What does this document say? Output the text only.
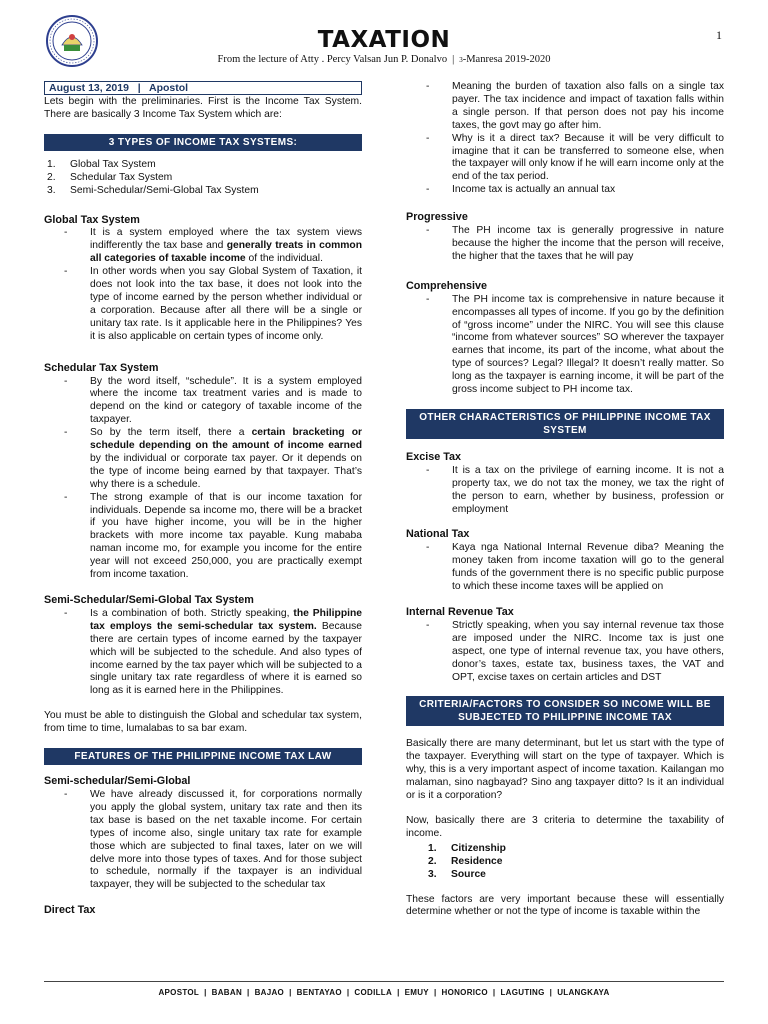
TAXATION	1
From the lecture of Atty . Percy Valsan Jun P. Donalvo | 3-Manresa 2019-2020
August 13, 2019   |   Apostol

Lets begin with the preliminaries. First is the Income Tax System. There are basically 3 Income Tax System which are:

3 TYPES OF INCOME TAX SYSTEMS:
1. Global Tax System
2. Schedular Tax System
3. Semi-Schedular/Semi-Global Tax System
Global Tax System
- It is a system employed where the tax system views indifferently the tax base and generally treats in common all categories of taxable income of the individual.
- In other words when you say Global System of Taxation, it does not look into the tax base, it does not look into the type of income earned by the person whether individual or a corporation. Because after all there will be a single or unitary tax rate. Is it applicable here in the Philippines? Yes it is also applicable on certain types of income only.
Schedular Tax System
- By the word itself, “schedule”. It is a system employed where the income tax treatment varies and is made to depend on the kind or category of taxable income of the taxpayer.
- So by the term itself, there a certain bracketing or schedule depending on the amount of income earned by the individual or corporate tax payer. Or it depends on the type of income being earned by that taxpayer. That’s why there is a schedule.
- The strong example of that is our income taxation for individuals. Depende sa income mo, there will be a bracket if you have higher income, you will be in the higher brackets with more income tax payable. Kung mababa naman income mo, for example you income for the entire year will not exceed 250,000, you are practically exempt from income taxation.
Semi-Schedular/Semi-Global Tax System
- Is a combination of both. Strictly speaking, the Philippine tax employs the semi-schedular tax system. Because there are certain types of income earned by the taxpayer which will be subjected to the schedule. And also types of income earned by the tax payer which will be subjected to a single unitary tax rate regardless of where it is earned so long as it is earned here in the Philippines.

You must be able to distinguish the Global and schedular tax system, from time to time, lumalabas to sa bar exam.

FEATURES OF THE PHILIPPINE INCOME TAX LAW
Semi-schedular/Semi-Global
- We have already discussed it, for corporations normally you apply the global system, unitary tax rate and then its tax base is based on the net taxable income. For certain types of income also, single unitary tax rate for example those which are subjected to final taxes, later on we will delve more into those types of taxes. And for those subject to schedule, normally if the taxpayer is an individual taxpayer, they will be subjected to the schedular tax
Direct Tax
- Meaning the burden of taxation also falls on a single tax payer. The tax incidence and impact of taxation falls within a single person. If that person does not pay his income taxes, the govt may go after him.
- Why is it a direct tax? Because it will be very difficult to imagine that it can be transferred to someone else, when the taxpayer will only know if he will earn income only at the end of the tax period.
- Income tax is actually an annual tax
Progressive
- The PH income tax is generally progressive in nature because the higher the income that the person will receive, the higher that the taxes that he will pay
Comprehensive
- The PH income tax is comprehensive in nature because it encompasses all types of income. If you go by the definition of “gross income” under the NIRC. You will see this clause “income from whatever sources” SO wherever the taxpayer earnes that income, its part of the income, what about the type of sources? Legal? Illegal? It doesn’t really matter. So long as the taxpayer is earning income, it will be part of the gross income subject to PH income tax.
OTHER CHARACTERISTICS OF PHILIPPINE INCOME TAX SYSTEM
Excise Tax
- It is a tax on the privilege of earning income. It is not a property tax, we do not tax the money, we tax the right of the person to earn, whether by business, profession or employment
National Tax
- Kaya nga National Internal Revenue diba? Meaning the money taken from income taxation will go to the general funds of the government there is no specific public purpose to which these income taxes will be applied on
Internal Revenue Tax
- Strictly speaking, when you say internal revenue tax those are imposed under the NIRC. Income tax is just one aspect, one type of internal revenue tax, you have others, donor’s taxes, estate tax, business taxes, the VAT and OPT, excise taxes on certain articles and DST
CRITERIA/FACTORS TO CONSIDER SO INCOME WILL BE SUBJECTED TO PHILIPPINE INCOME TAX

Basically there are many determinant, but let us start with the type of the taxpayer. Everything will start on the type of taxpayer. Which is why, this is a very important aspect of income taxation. Kailangan mo malaman, sino nagbayad? Sino ang taxpayer ditto? Is it an individual or is it a corporation?

Now, basically there are 3 criteria to determine the taxability of income.

1. Citizenship
2. Residence
3. Source

These factors are very important because these will essentially determine whether or not the type of income is taxable within the

APOSTOL | BABAN | BAJAO | BENTAYAO | CODILLA | EMUY | HONORICO | LAGUTING | ULANGKAYA
